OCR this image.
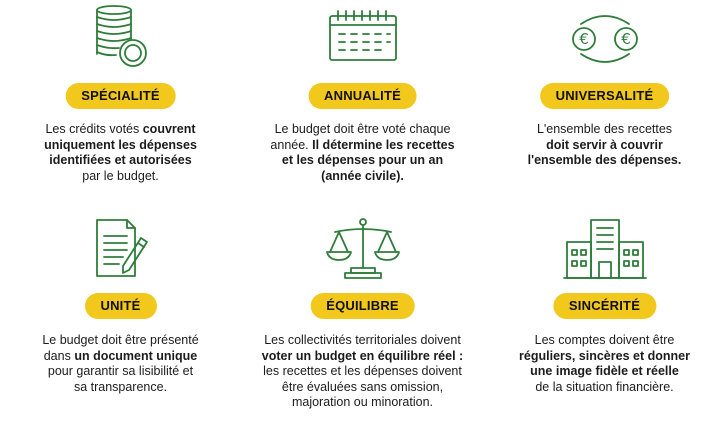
SPÉCIALITÉ
Les crédits votés couvrent
uniquement les dépenses
identifiées et autorisées
par le budget.
ANNUALITÉ
Le budget doit être voté chaque
année. Il détermine les recettes
et les dépenses pour un an
(année civile).
€ €
UNIVERSALITÉ
L'ensemble des recettes
doit servir à couvrir
l'ensemble des dépenses.
UNITÉ
Le budget doit être présenté
dans un document unique
pour garantir sa lisibilité et
sa transparence.
ÉQUILIBRE
Les collectivités territoriales doivent
voter un budget en équilibre réel :
les recettes et les dépenses doivent
être évaluées sans omission,
majoration ou minoration.
SINCÉRITÉ
Les comptes doivent être
réguliers, sincères et donner
une image fidèle et réelle
de la situation financière.
